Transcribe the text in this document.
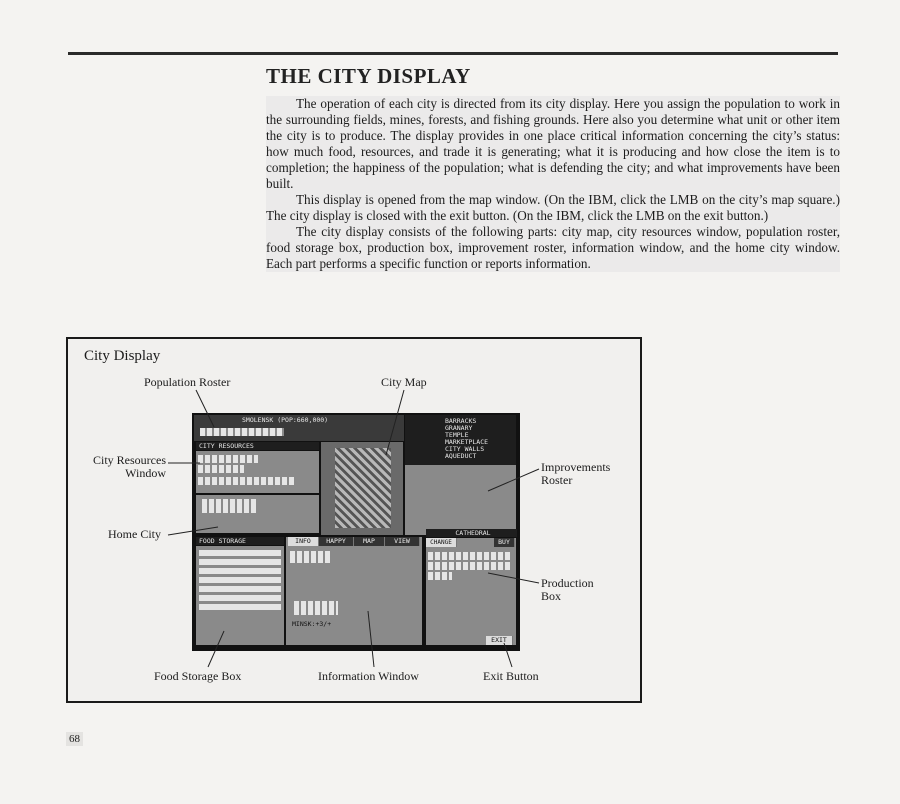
THE CITY DISPLAY

The operation of each city is directed from its city display. Here you assign the population to work in the surrounding fields, mines, forests, and fishing grounds. Here also you determine what unit or other item the city is to produce. The display provides in one place critical information concerning the city’s status: how much food, resources, and trade it is generating; what it is producing and how close the item is to completion; the happiness of the population; what is defending the city; and what improvements have been built.

This display is opened from the map window. (On the IBM, click the LMB on the city’s map square.) The city display is closed with the exit button. (On the IBM, click the LMB on the exit button.)

The city display consists of the following parts: city map, city resources window, population roster, food storage box, production box, improvement roster, information window, and the home city window. Each part performs a specific function or reports information.

City Display
Population Roster	City Map
City Resources
Window	Improvements
Roster
Home City
Production
Box
Food Storage Box	Information Window	Exit Button
SMOLENSK (POP:660,000)
CITY RESOURCES
BARRACKS
GRANARY
TEMPLE
MARKETPLACE
CITY WALLS
AQUEDUCT
FOOD STORAGE	INFO	HAPPY	MAP	VIEW
MINSK:+3/+
CATHEDRAL
CHANGE	BUY
EXIT
68
